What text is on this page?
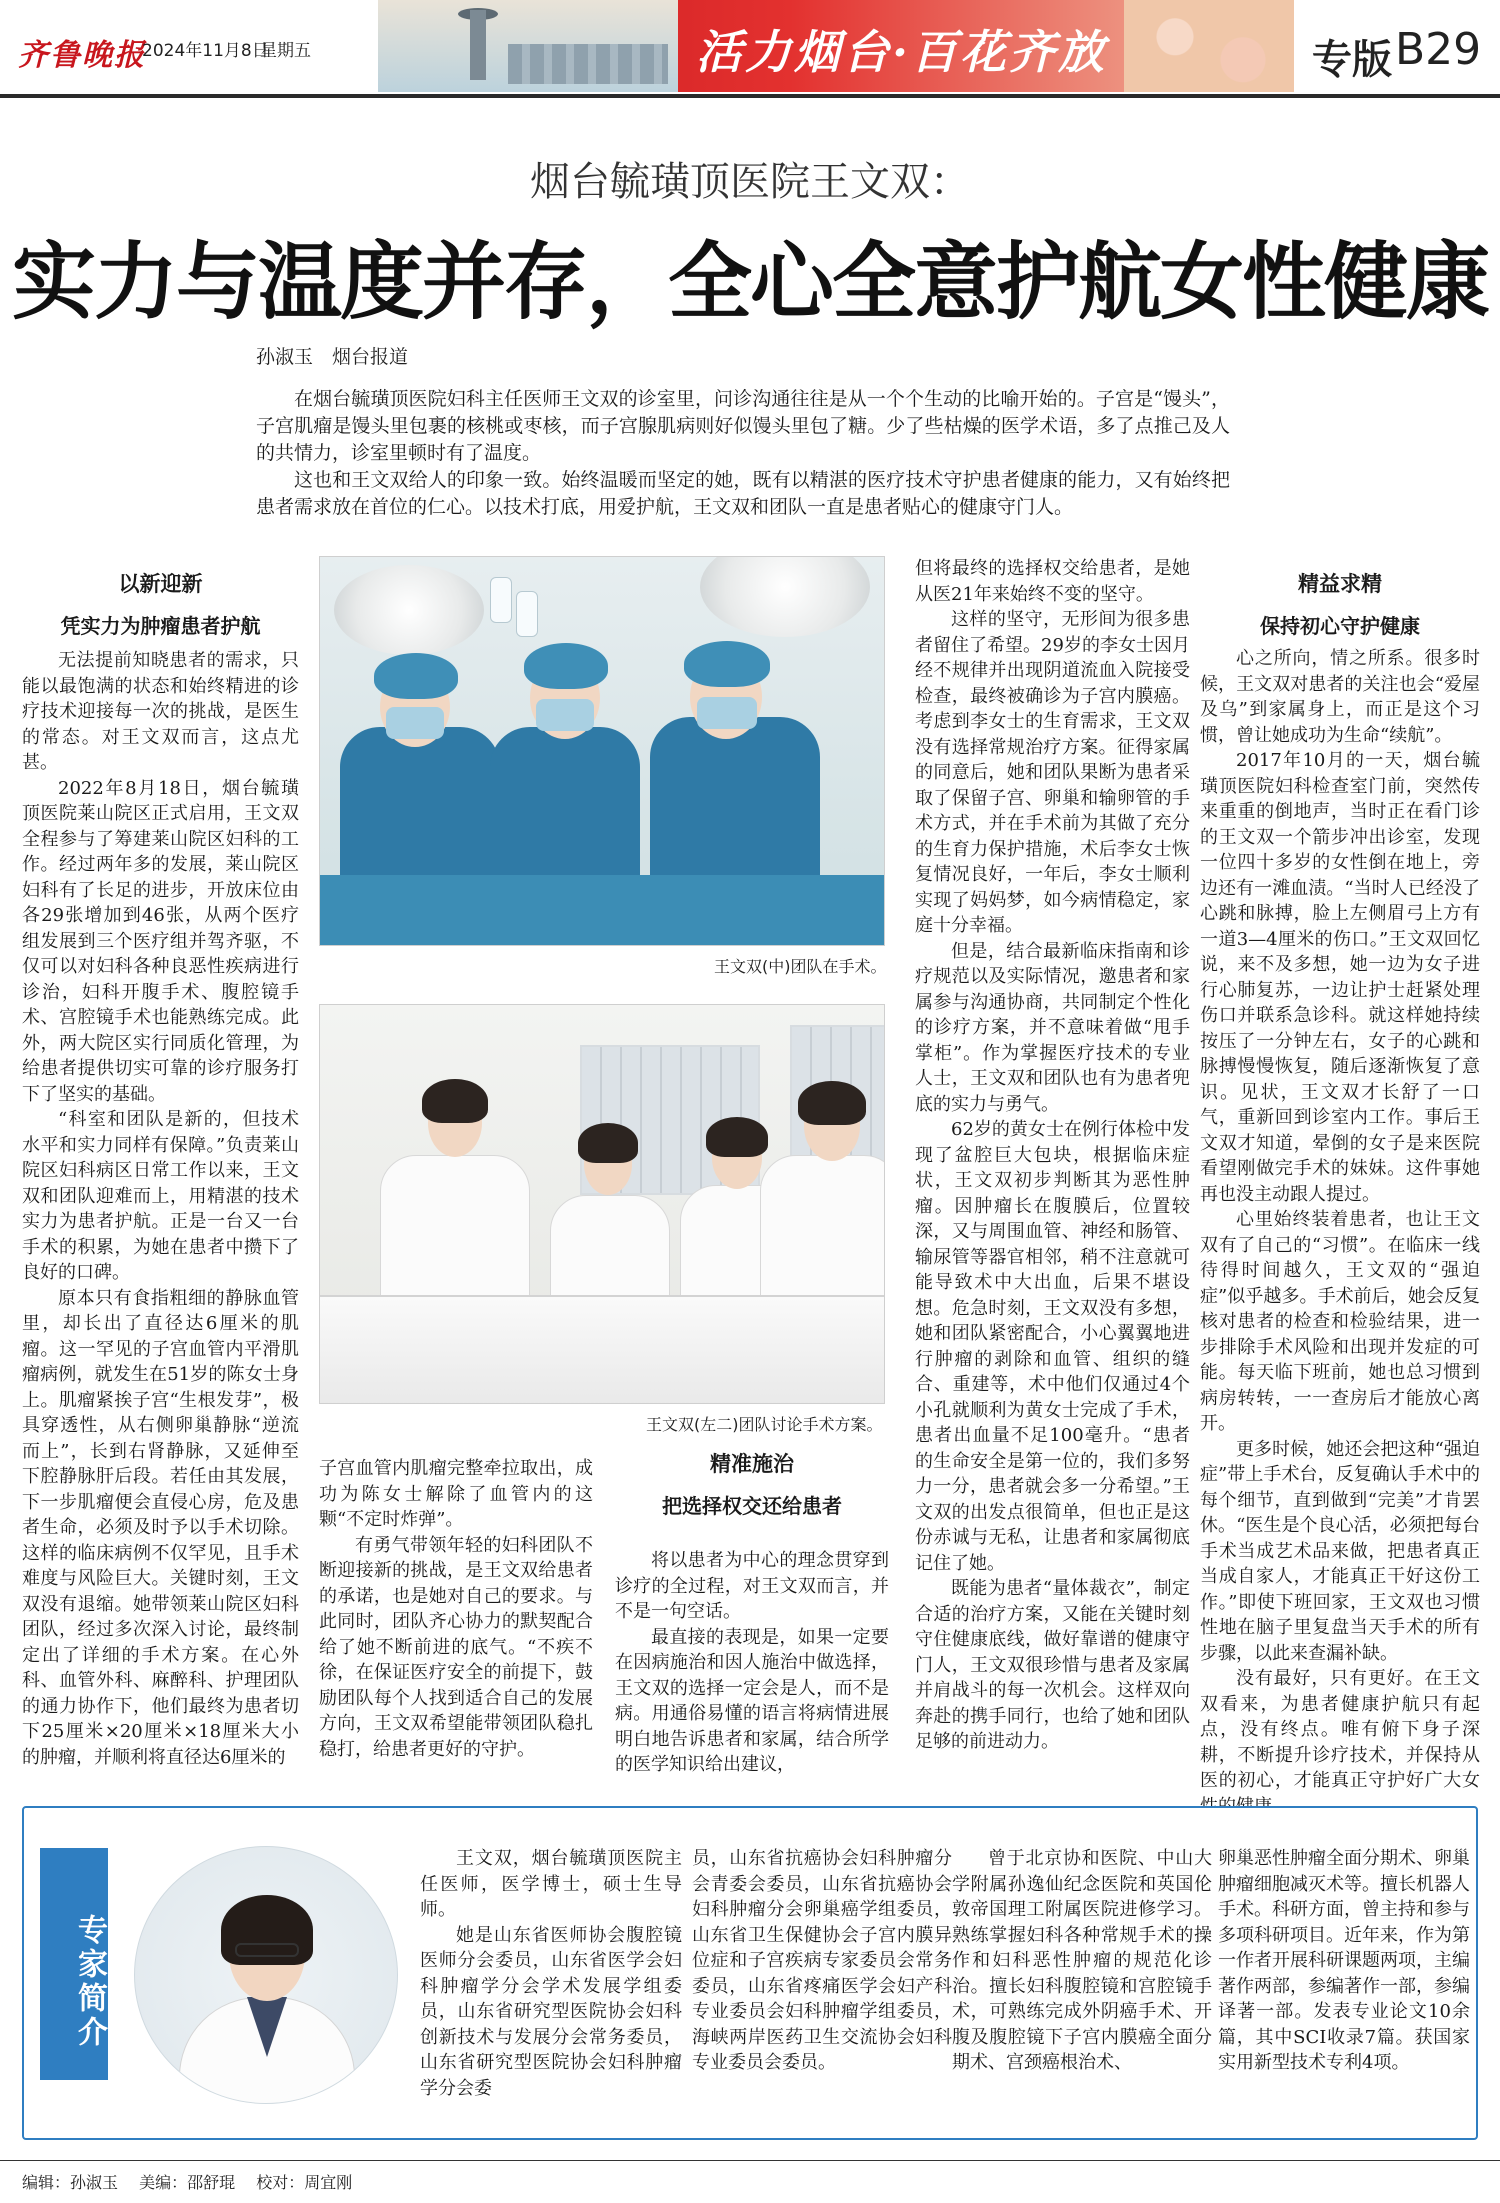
齐鲁晚报
2024年11月8日
星期五	活力烟台·百花齐放	专版 B29
烟台毓璜顶医院王文双：
实力与温度并存，全心全意护航女性健康
孙淑玉　烟台报道

在烟台毓璜顶医院妇科主任医师王文双的诊室里，问诊沟通往往是从一个个生动的比喻开始的。子宫是“馒头”，子宫肌瘤是馒头里包裹的核桃或枣核，而子宫腺肌病则好似馒头里包了糖。少了些枯燥的医学术语，多了点推己及人的共情力，诊室里顿时有了温度。

这也和王文双给人的印象一致。始终温暖而坚定的她，既有以精湛的医疗技术守护患者健康的能力，又有始终把患者需求放在首位的仁心。以技术打底，用爱护航，王文双和团队一直是患者贴心的健康守门人。

以新迎新
凭实力为肿瘤患者护航

无法提前知晓患者的需求，只能以最饱满的状态和始终精进的诊疗技术迎接每一次的挑战，是医生的常态。对王文双而言，这点尤甚。

2022年8月18日，烟台毓璜顶医院莱山院区正式启用，王文双全程参与了筹建莱山院区妇科的工作。经过两年多的发展，莱山院区妇科有了长足的进步，开放床位由各29张增加到46张，从两个医疗组发展到三个医疗组并驾齐驱，不仅可以对妇科各种良恶性疾病进行诊治，妇科开腹手术、腹腔镜手术、宫腔镜手术也能熟练完成。此外，两大院区实行同质化管理，为给患者提供切实可靠的诊疗服务打下了坚实的基础。

“科室和团队是新的，但技术水平和实力同样有保障。”负责莱山院区妇科病区日常工作以来，王文双和团队迎难而上，用精湛的技术实力为患者护航。正是一台又一台手术的积累，为她在患者中攒下了良好的口碑。

原本只有食指粗细的静脉血管里，却长出了直径达6厘米的肌瘤。这一罕见的子宫血管内平滑肌瘤病例，就发生在51岁的陈女士身上。肌瘤紧挨子宫“生根发芽”，极具穿透性，从右侧卵巢静脉“逆流而上”，长到右肾静脉，又延伸至下腔静脉肝后段。若任由其发展，下一步肌瘤便会直侵心房，危及患者生命，必须及时予以手术切除。这样的临床病例不仅罕见，且手术难度与风险巨大。关键时刻，王文双没有退缩。她带领莱山院区妇科团队，经过多次深入讨论，最终制定出了详细的手术方案。在心外科、血管外科、麻醉科、护理团队的通力协作下，他们最终为患者切下25厘米×20厘米×18厘米大小的肿瘤，并顺利将直径达6厘米的

王文双(中)团队在手术。
王文双(左二)团队讨论手术方案。

子宫血管内肌瘤完整牵拉取出，成功为陈女士解除了血管内的这颗“不定时炸弹”。

有勇气带领年轻的妇科团队不断迎接新的挑战，是王文双给患者的承诺，也是她对自己的要求。与此同时，团队齐心协力的默契配合给了她不断前进的底气。“不疾不徐，在保证医疗安全的前提下，鼓励团队每个人找到适合自己的发展方向，王文双希望能带领团队稳扎稳打，给患者更好的守护。

精准施治
把选择权交还给患者

将以患者为中心的理念贯穿到诊疗的全过程，对王文双而言，并不是一句空话。

最直接的表现是，如果一定要在因病施治和因人施治中做选择，王文双的选择一定会是人，而不是病。用通俗易懂的语言将病情进展明白地告诉患者和家属，结合所学的医学知识给出建议，

但将最终的选择权交给患者，是她从医21年来始终不变的坚守。

这样的坚守，无形间为很多患者留住了希望。29岁的李女士因月经不规律并出现阴道流血入院接受检查，最终被确诊为子宫内膜癌。考虑到李女士的生育需求，王文双没有选择常规治疗方案。征得家属的同意后，她和团队果断为患者采取了保留子宫、卵巢和输卵管的手术方式，并在手术前为其做了充分的生育力保护措施，术后李女士恢复情况良好，一年后，李女士顺利实现了妈妈梦，如今病情稳定，家庭十分幸福。

但是，结合最新临床指南和诊疗规范以及实际情况，邀患者和家属参与沟通协商，共同制定个性化的诊疗方案，并不意味着做“甩手掌柜”。作为掌握医疗技术的专业人士，王文双和团队也有为患者兜底的实力与勇气。

62岁的黄女士在例行体检中发现了盆腔巨大包块，根据临床症状，王文双初步判断其为恶性肿瘤。因肿瘤长在腹膜后，位置较深，又与周围血管、神经和肠管、输尿管等器官相邻，稍不注意就可能导致术中大出血，后果不堪设想。危急时刻，王文双没有多想，她和团队紧密配合，小心翼翼地进行肿瘤的剥除和血管、组织的缝合、重建等，术中他们仅通过4个小孔就顺利为黄女士完成了手术，患者出血量不足100毫升。“患者的生命安全是第一位的，我们多努力一分，患者就会多一分希望。”王文双的出发点很简单，但也正是这份赤诚与无私，让患者和家属彻底记住了她。

既能为患者“量体裁衣”，制定合适的治疗方案，又能在关键时刻守住健康底线，做好靠谱的健康守门人，王文双很珍惜与患者及家属并肩战斗的每一次机会。这样双向奔赴的携手同行，也给了她和团队足够的前进动力。

精益求精
保持初心守护健康

心之所向，情之所系。很多时候，王文双对患者的关注也会“爱屋及乌”到家属身上，而正是这个习惯，曾让她成功为生命“续航”。

2017年10月的一天，烟台毓璜顶医院妇科检查室门前，突然传来重重的倒地声，当时正在看门诊的王文双一个箭步冲出诊室，发现一位四十多岁的女性倒在地上，旁边还有一滩血渍。“当时人已经没了心跳和脉搏，脸上左侧眉弓上方有一道3—4厘米的伤口。”王文双回忆说，来不及多想，她一边为女子进行心肺复苏，一边让护士赶紧处理伤口并联系急诊科。就这样她持续按压了一分钟左右，女子的心跳和脉搏慢慢恢复，随后逐渐恢复了意识。见状，王文双才长舒了一口气，重新回到诊室内工作。事后王文双才知道，晕倒的女子是来医院看望刚做完手术的妹妹。这件事她再也没主动跟人提过。

心里始终装着患者，也让王文双有了自己的“习惯”。在临床一线待得时间越久，王文双的“强迫症”似乎越多。手术前后，她会反复核对患者的检查和检验结果，进一步排除手术风险和出现并发症的可能。每天临下班前，她也总习惯到病房转转，一一查房后才能放心离开。

更多时候，她还会把这种“强迫症”带上手术台，反复确认手术中的每个细节，直到做到“完美”才肯罢休。“医生是个良心活，必须把每台手术当成艺术品来做，把患者真正当成自家人，才能真正干好这份工作。”即使下班回家，王文双也习惯性地在脑子里复盘当天手术的所有步骤，以此来查漏补缺。

没有最好，只有更好。在王文双看来，为患者健康护航只有起点，没有终点。唯有俯下身子深耕，不断提升诊疗技术，并保持从医的初心，才能真正守护好广大女

专家简介

王文双，烟台毓璜顶医院主任医师，医学博士，硕士生导师。

她是山东省医师协会腹腔镜医师分会委员，山东省医学会妇科肿瘤学分会学术发展学组委员，山东省研究型医院协会妇科创新技术与发展分会常务委员，山东省研究型医院协会妇科肿瘤学分会委

员，山东省抗癌协会妇科肿瘤分会青委会委员，山东省抗癌协会妇科肿瘤分会卵巢癌学组委员，山东省卫生保健协会子宫内膜异位症和子宫疾病专家委员会常务委员，山东省疼痛医学会妇产科专业委员会妇科肿瘤学组委员，海峡两岸医药卫生交流协会妇科专业委员会委员。

曾于北京协和医院、中山大学附属孙逸仙纪念医院和英国伦敦帝国理工附属医院进修学习。熟练掌握妇科各种常规手术的操作和妇科恶性肿瘤的规范化诊治。擅长妇科腹腔镜和宫腔镜手术，可熟练完成外阴癌手术、开腹及腹腔镜下子宫内膜癌全面分期术、宫颈癌根治术、

卵巢恶性肿瘤全面分期术、卵巢肿瘤细胞减灭术等。擅长机器人手术。科研方面，曾主持和参与多项科研项目。近年来，作为第一作者开展科研课题两项，主编著作两部，参编著作一部，参编译著一部。发表专业论文10余篇，其中SCI收录7篇。获国家实用新型技术专利4项。

编辑：孙淑玉 美编：邵舒琨 校对：周宜刚
